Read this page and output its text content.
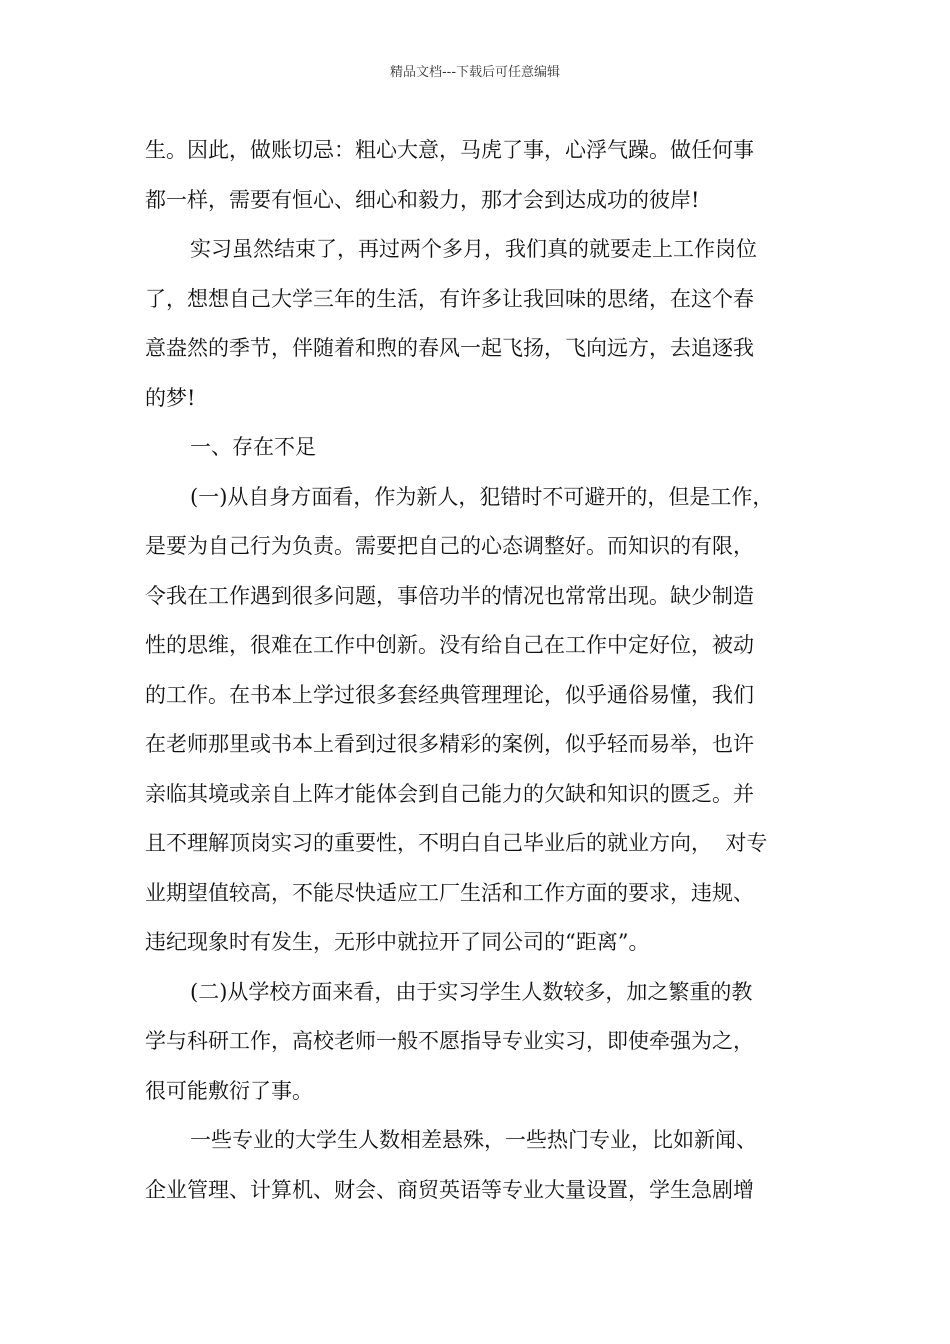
精品文档---下载后可任意编辑
生。因此，做账切忌：粗心大意，马虎了事，心浮气躁。做任何事
都一样，需要有恒心、细心和毅力，那才会到达成功的彼岸!
实习虽然结束了，再过两个多月，我们真的就要走上工作岗位
了，想想自己大学三年的生活，有许多让我回味的思绪，在这个春
意盎然的季节，伴随着和煦的春风一起飞扬，飞向远方，去追逐我
的梦!
一、存在不足
(一)从自身方面看，作为新人，犯错时不可避开的，但是工作，
是要为自己行为负责。需要把自己的心态调整好。而知识的有限，
令我在工作遇到很多问题，事倍功半的情况也常常出现。缺少制造
性的思维，很难在工作中创新。没有给自己在工作中定好位，被动
的工作。在书本上学过很多套经典管理理论，似乎通俗易懂，我们
在老师那里或书本上看到过很多精彩的案例，似乎轻而易举，也许
亲临其境或亲自上阵才能体会到自己能力的欠缺和知识的匮乏。并
且不理解顶岗实习的重要性，不明白自己毕业后的就业方向，  对专
业期望值较高，不能尽快适应工厂生活和工作方面的要求，违规、
违纪现象时有发生，无形中就拉开了同公司的“距离”。
(二)从学校方面来看，由于实习学生人数较多，加之繁重的教
学与科研工作，高校老师一般不愿指导专业实习，即使牵强为之，
很可能敷衍了事。
一些专业的大学生人数相差悬殊，一些热门专业，比如新闻、
企业管理、计算机、财会、商贸英语等专业大量设置，学生急剧增
